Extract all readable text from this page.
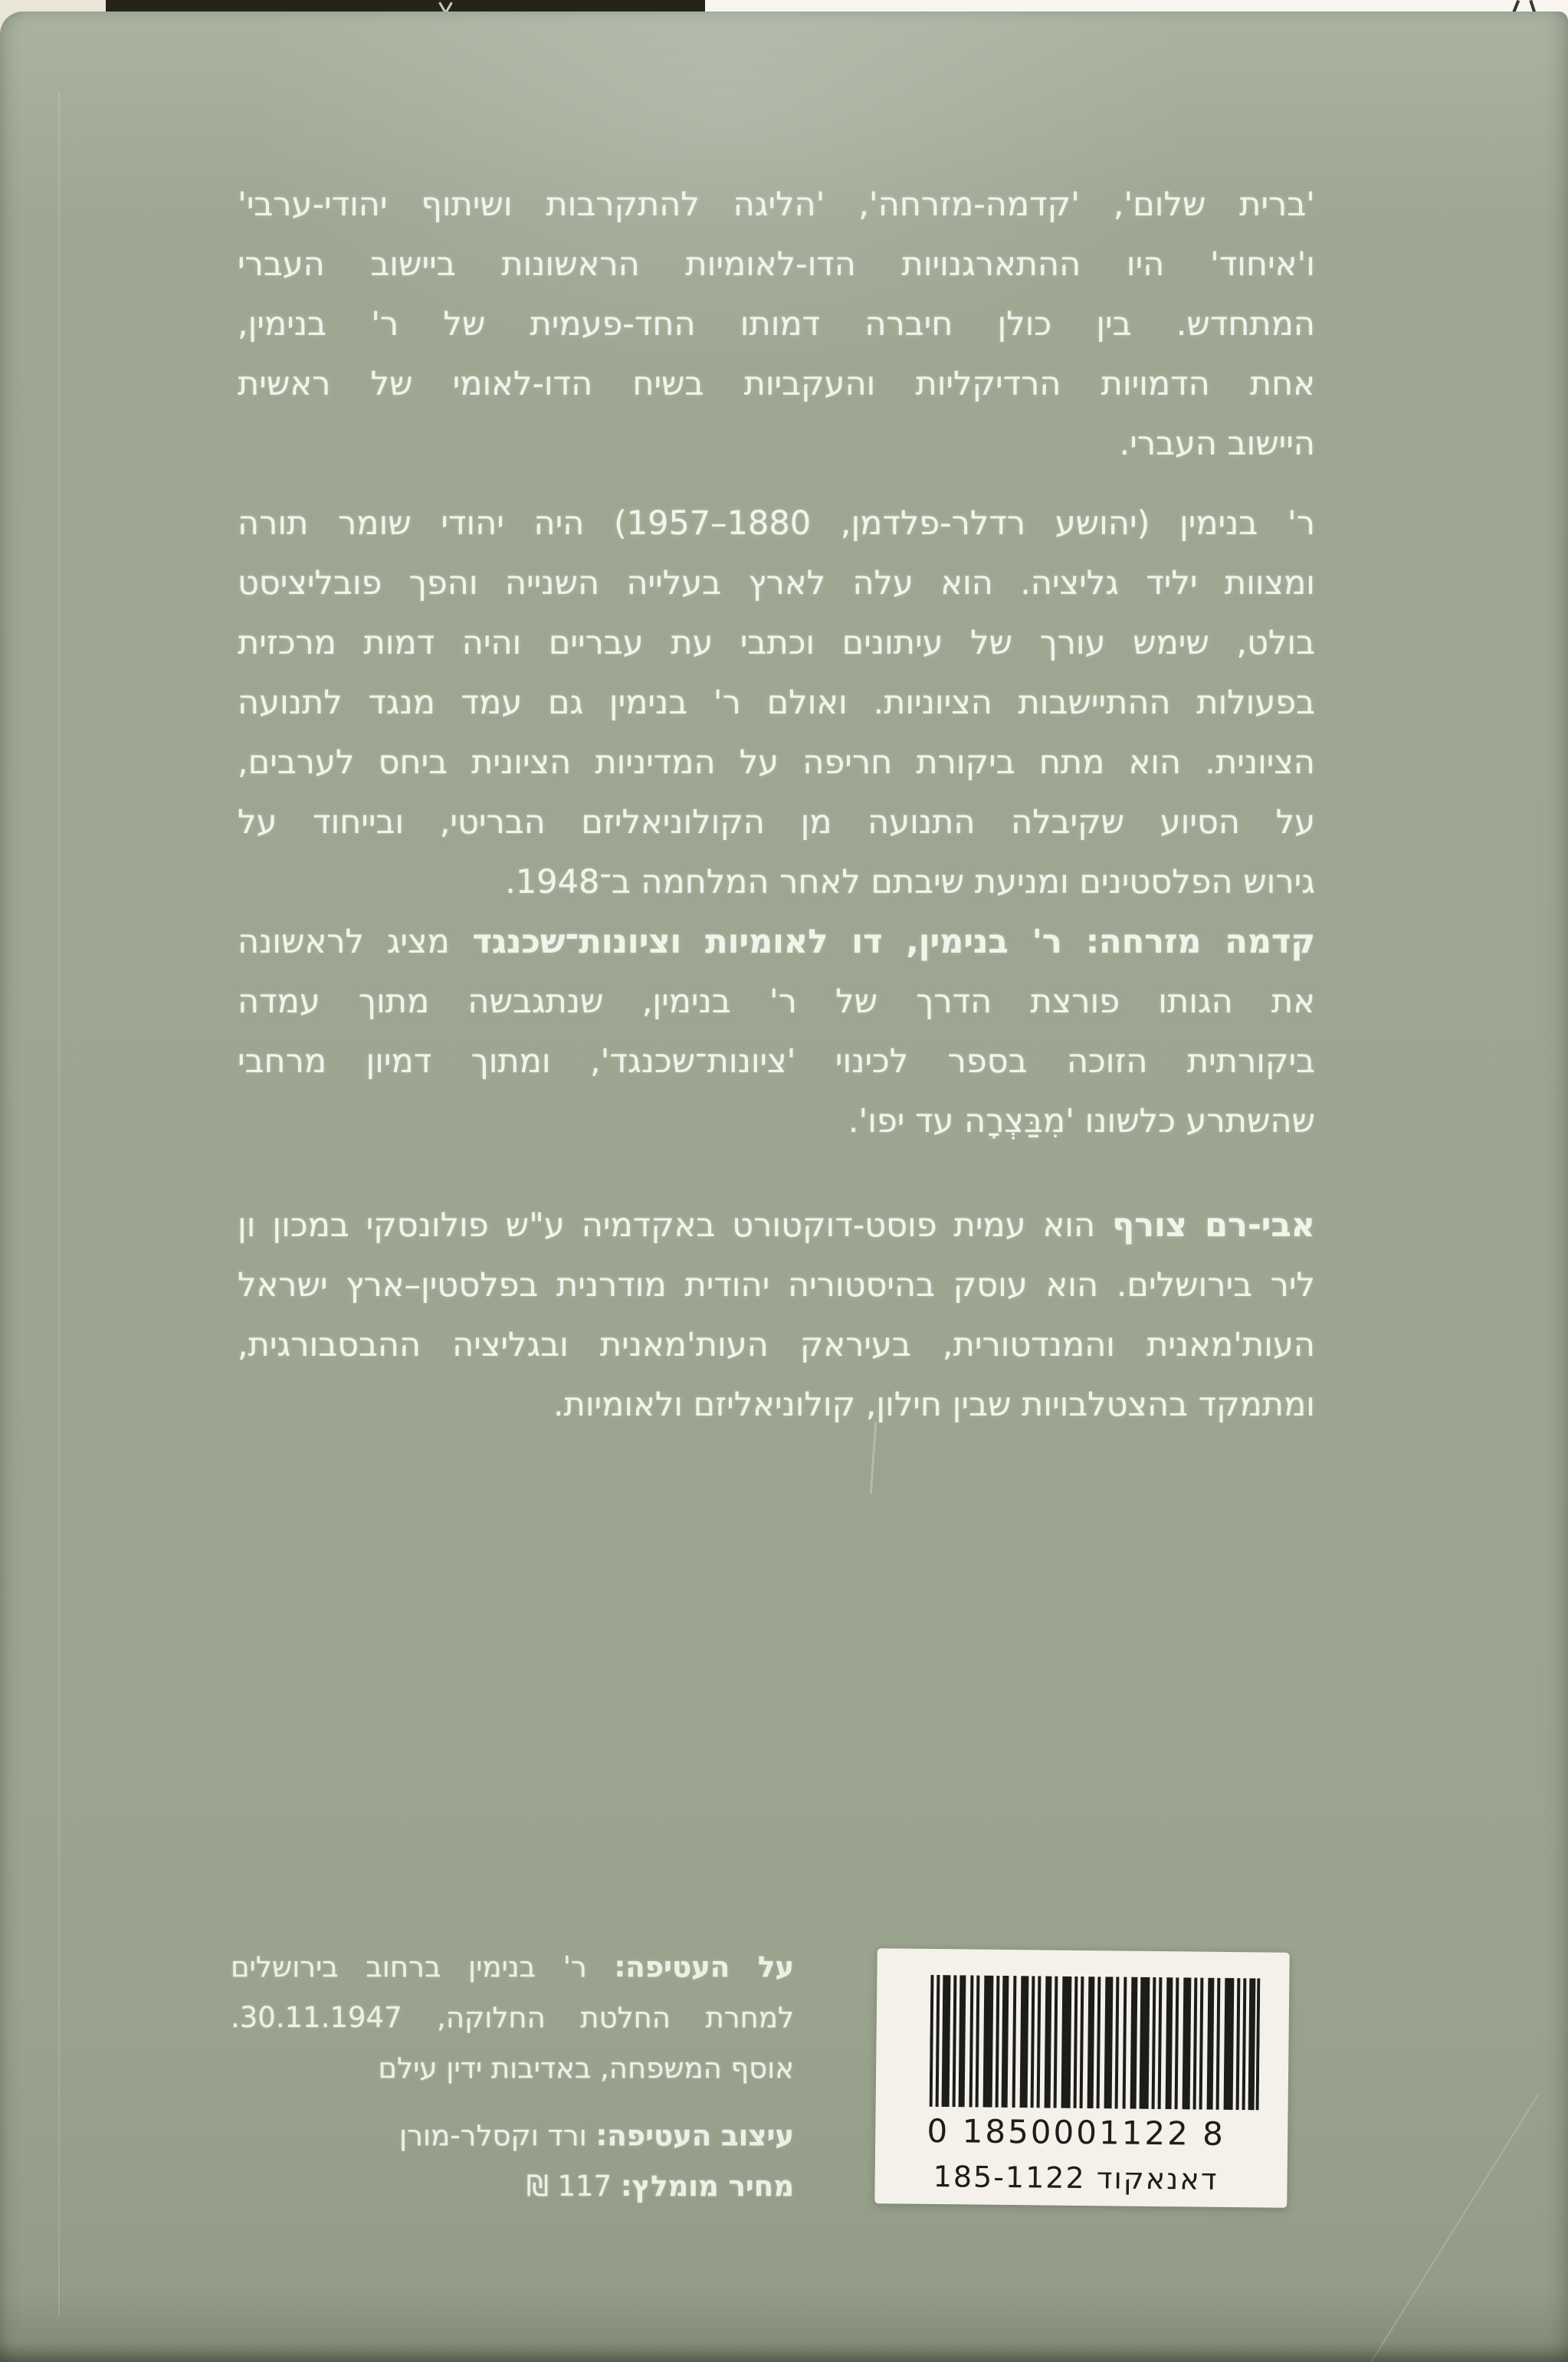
'ברית שלום', 'קדמה-מזרחה', 'הליגה להתקרבות ושיתוף יהודי-ערבי'
ו'איחוד' היו ההתארגנויות הדו-לאומיות הראשונות ביישוב העברי
המתחדש. בין כולן חיברה דמותו החד-פעמית של ר' בנימין,
אחת הדמויות הרדיקליות והעקביות בשיח הדו-לאומי של ראשית
היישוב העברי.
ר' בנימין (יהושע רדלר-פלדמן, 1880–1957) היה יהודי שומר תורה
ומצוות יליד גליציה. הוא עלה לארץ בעלייה השנייה והפך פובליציסט
בולט, שימש עורך של עיתונים וכתבי עת עבריים והיה דמות מרכזית
בפעולות ההתיישבות הציוניות. ואולם ר' בנימין גם עמד מנגד לתנועה
הציונית. הוא מתח ביקורת חריפה על המדיניות הציונית ביחס לערבים,
על הסיוע שקיבלה התנועה מן הקולוניאליזם הבריטי, ובייחוד על
גירוש הפלסטינים ומניעת שיבתם לאחר המלחמה ב־1948.
קדמה מזרחה: ר' בנימין, דו לאומיות וציונות־שכנגד מציג לראשונה
את הגותו פורצת הדרך של ר' בנימין, שנתגבשה מתוך עמדה
ביקורתית הזוכה בספר לכינוי 'ציונות־שכנגד', ומתוך דמיון מרחבי
שהשתרע כלשונו 'מִבַּצְרָה עד יפו'.
אבי-רם צורף הוא עמית פוסט-דוקטורט באקדמיה ע"ש פולונסקי במכון ון
ליר בירושלים. הוא עוסק בהיסטוריה יהודית מודרנית בפלסטין–ארץ ישראל
העות'מאנית והמנדטורית, בעיראק העות'מאנית ובגליציה ההבסבורגית,
ומתמקד בהצטלבויות שבין חילון, קולוניאליזם ולאומיות.
על העטיפה: ר' בנימין ברחוב בירושלים
למחרת החלטת החלוקה, 30.11.1947.
אוסף המשפחה, באדיבות ידין עילם
עיצוב העטיפה: ורד וקסלר-מורן
מחיר מומלץ: 117 ₪
0 1850001122 8
דאנאקוד 185-1122
